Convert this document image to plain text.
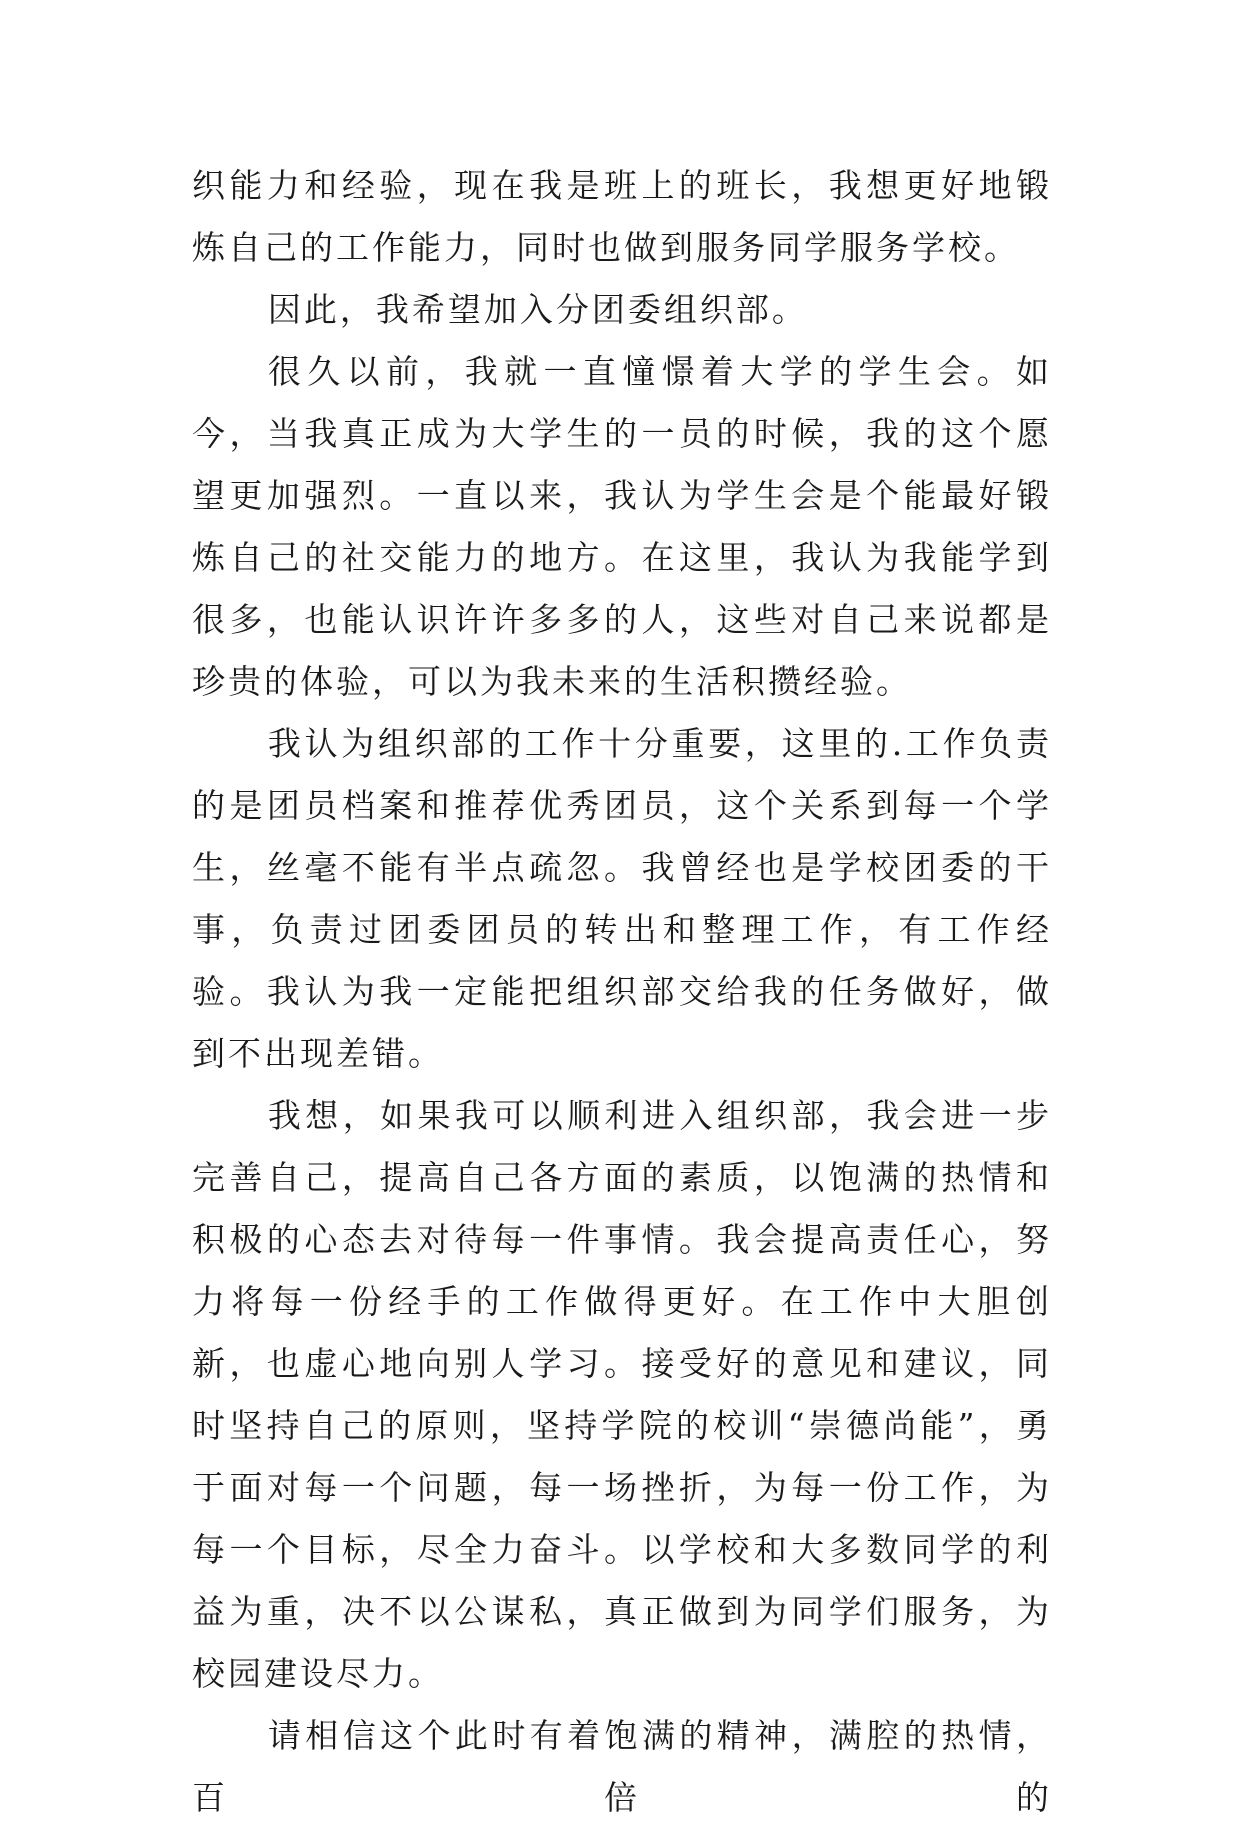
织能力和经验，现在我是班上的班长，我想更好地锻炼自己的工作能力，同时也做到服务同学服务学校。

因此，我希望加入分团委组织部。

很久以前，我就一直憧憬着大学的学生会。如今，当我真正成为大学生的一员的时候，我的这个愿望更加强烈。一直以来，我认为学生会是个能最好锻炼自己的社交能力的地方。在这里，我认为我能学到很多，也能认识许许多多的人，这些对自己来说都是珍贵的体验，可以为我未来的生活积攒经验。

我认为组织部的工作十分重要，这里的.工作负责的是团员档案和推荐优秀团员，这个关系到每一个学生，丝毫不能有半点疏忽。我曾经也是学校团委的干事，负责过团委团员的转出和整理工作，有工作经验。我认为我一定能把组织部交给我的任务做好，做到不出现差错。

我想，如果我可以顺利进入组织部，我会进一步完善自己，提高自己各方面的素质，以饱满的热情和积极的心态去对待每一件事情。我会提高责任心，努力将每一份经手的工作做得更好。在工作中大胆创新，也虚心地向别人学习。接受好的意见和建议，同时坚持自己的原则，坚持学院的校训“崇德尚能”，勇于面对每一个问题，每一场挫折，为每一份工作，为每一个目标，尽全力奋斗。以学校和大多数同学的利益为重，决不以公谋私，真正做到为同学们服务，为校园建设尽力。

请相信这个此时有着饱满的精神，满腔的热情，百倍的
